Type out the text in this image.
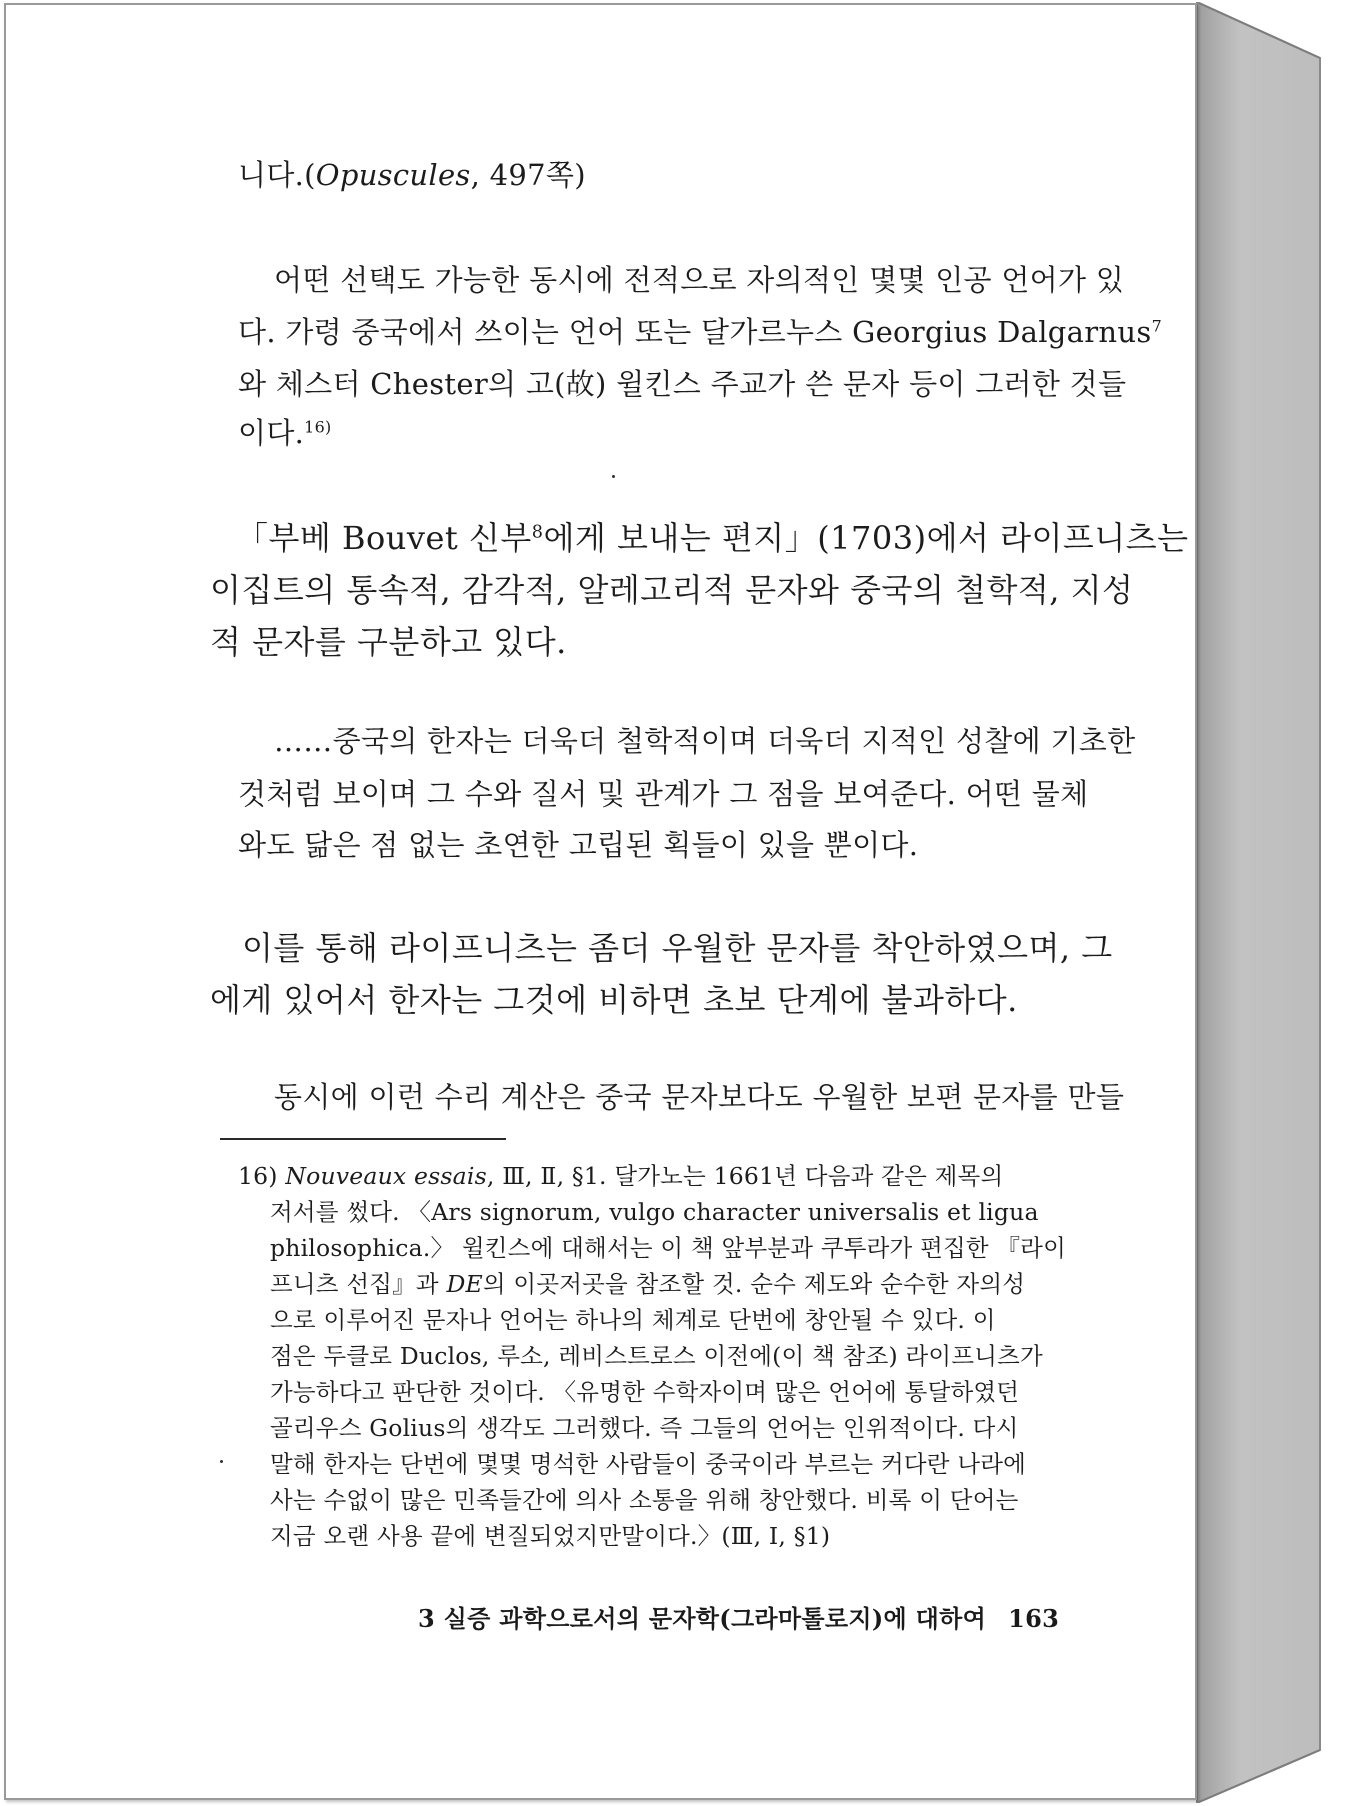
니다.(Opuscules, 497쪽)
어떤 선택도 가능한 동시에 전적으로 자의적인 몇몇 인공 언어가 있
다. 가령 중국에서 쓰이는 언어 또는 달가르누스 Georgius Dalgarnus$^7$
와 체스터 Chester의 고(故) 윌킨스 주교가 쓴 문자 등이 그러한 것들
이다.$^{16)}$
「부베 Bouvet 신부$^8$에게 보내는 편지」(1703)에서 라이프니츠는
이집트의 통속적, 감각적, 알레고리적 문자와 중국의 철학적, 지성
적 문자를 구분하고 있다.
……중국의 한자는 더욱더 철학적이며 더욱더 지적인 성찰에 기초한
것처럼 보이며 그 수와 질서 및 관계가 그 점을 보여준다. 어떤 물체
와도 닮은 점 없는 초연한 고립된 획들이 있을 뿐이다.
이를 통해 라이프니츠는 좀더 우월한 문자를 착안하였으며, 그
에게 있어서 한자는 그것에 비하면 초보 단계에 불과하다.
동시에 이런 수리 계산은 중국 문자보다도 우월한 보편 문자를 만들
16) Nouveaux essais, Ⅲ, Ⅱ, §1. 달가노는 1661년 다음과 같은 제목의
저서를 썼다. 〈Ars signorum, vulgo character universalis et ligua
philosophica.〉 윌킨스에 대해서는 이 책 앞부분과 쿠투라가 편집한 『라이
프니츠 선집』과 DE의 이곳저곳을 참조할 것. 순수 제도와 순수한 자의성
으로 이루어진 문자나 언어는 하나의 체계로 단번에 창안될 수 있다. 이
점은 두클로 Duclos, 루소, 레비스트로스 이전에(이 책 참조) 라이프니츠가
가능하다고 판단한 것이다. 〈유명한 수학자이며 많은 언어에 통달하였던
골리우스 Golius의 생각도 그러했다. 즉 그들의 언어는 인위적이다. 다시
말해 한자는 단번에 몇몇 명석한 사람들이 중국이라 부르는 커다란 나라에
사는 수없이 많은 민족들간에 의사 소통을 위해 창안했다. 비록 이 단어는
지금 오랜 사용 끝에 변질되었지만말이다.〉(Ⅲ, Ⅰ, §1)
3 실증 과학으로서의 문자학(그라마톨로지)에 대하여 163
